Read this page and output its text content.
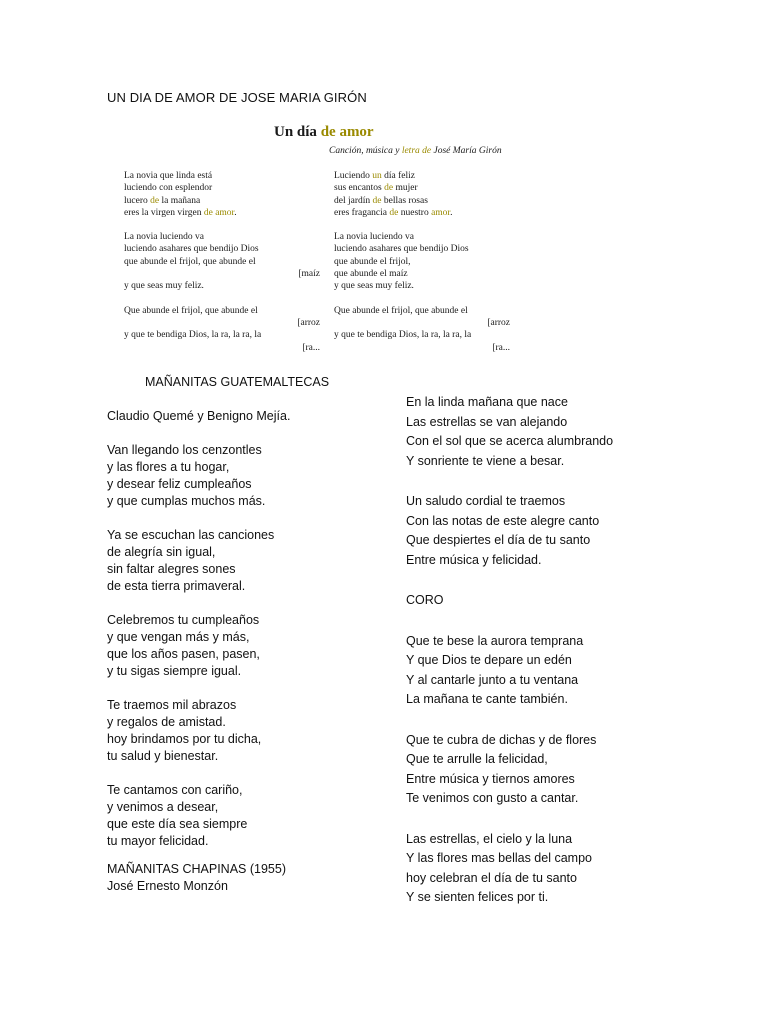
UN DIA DE AMOR DE JOSE MARIA GIRÓN
Un día de amor
Canción, música y letra de José María Girón
La novia que linda está
luciendo con esplendor
lucero de la mañana
eres la virgen virgen de amor.
La novia luciendo va
luciendo asahares que bendijo Dios
que abunde el frijol, que abunde el
[maíz
y que seas muy feliz.
Que abunde el frijol, que abunde el
[arroz
y que te bendiga Dios, la ra, la ra, la
[ra...
Luciendo un día feliz
sus encantos de mujer
del jardín de bellas rosas
eres fragancia de nuestro amor.
La novia luciendo va
luciendo asahares que bendijo Dios
que abunde el frijol,
que abunde el maíz
y que seas muy feliz.
Que abunde el frijol, que abunde el
[arroz
y que te bendiga Dios, la ra, la ra, la
[ra...
MAÑANITAS GUATEMALTECAS
Claudio Quemé y Benigno Mejía.
Van llegando los cenzontles
y las flores a tu hogar,
y desear feliz cumpleaños
y que cumplas muchos más.
Ya se escuchan las canciones
de alegría sin igual,
sin faltar alegres sones
de esta tierra primaveral.
Celebremos tu cumpleaños
y que vengan más y más,
que los años pasen, pasen,
y tu sigas siempre igual.
Te traemos mil abrazos
y regalos de amistad.
hoy brindamos por tu dicha,
tu salud y bienestar.
Te cantamos con cariño,
y venimos a desear,
que este día sea siempre
tu mayor felicidad.
MAÑANITAS CHAPINAS (1955)
José Ernesto Monzón
En la linda mañana que nace
Las estrellas se van alejando
Con el sol que se acerca alumbrando
Y sonriente te viene a besar.
Un saludo cordial te traemos
Con las notas de este alegre canto
Que despiertes el día de tu santo
Entre música y felicidad.
CORO
Que te bese la aurora temprana
Y que Dios te depare un edén
Y al cantarle junto a tu ventana
La mañana te cante también.
Que te cubra de dichas y de flores
Que te arrulle la felicidad,
Entre música y tiernos amores
Te venimos con gusto a cantar.
Las estrellas, el cielo y la luna
Y las flores mas bellas del campo
hoy celebran el día de tu santo
Y se sienten felices por ti.
